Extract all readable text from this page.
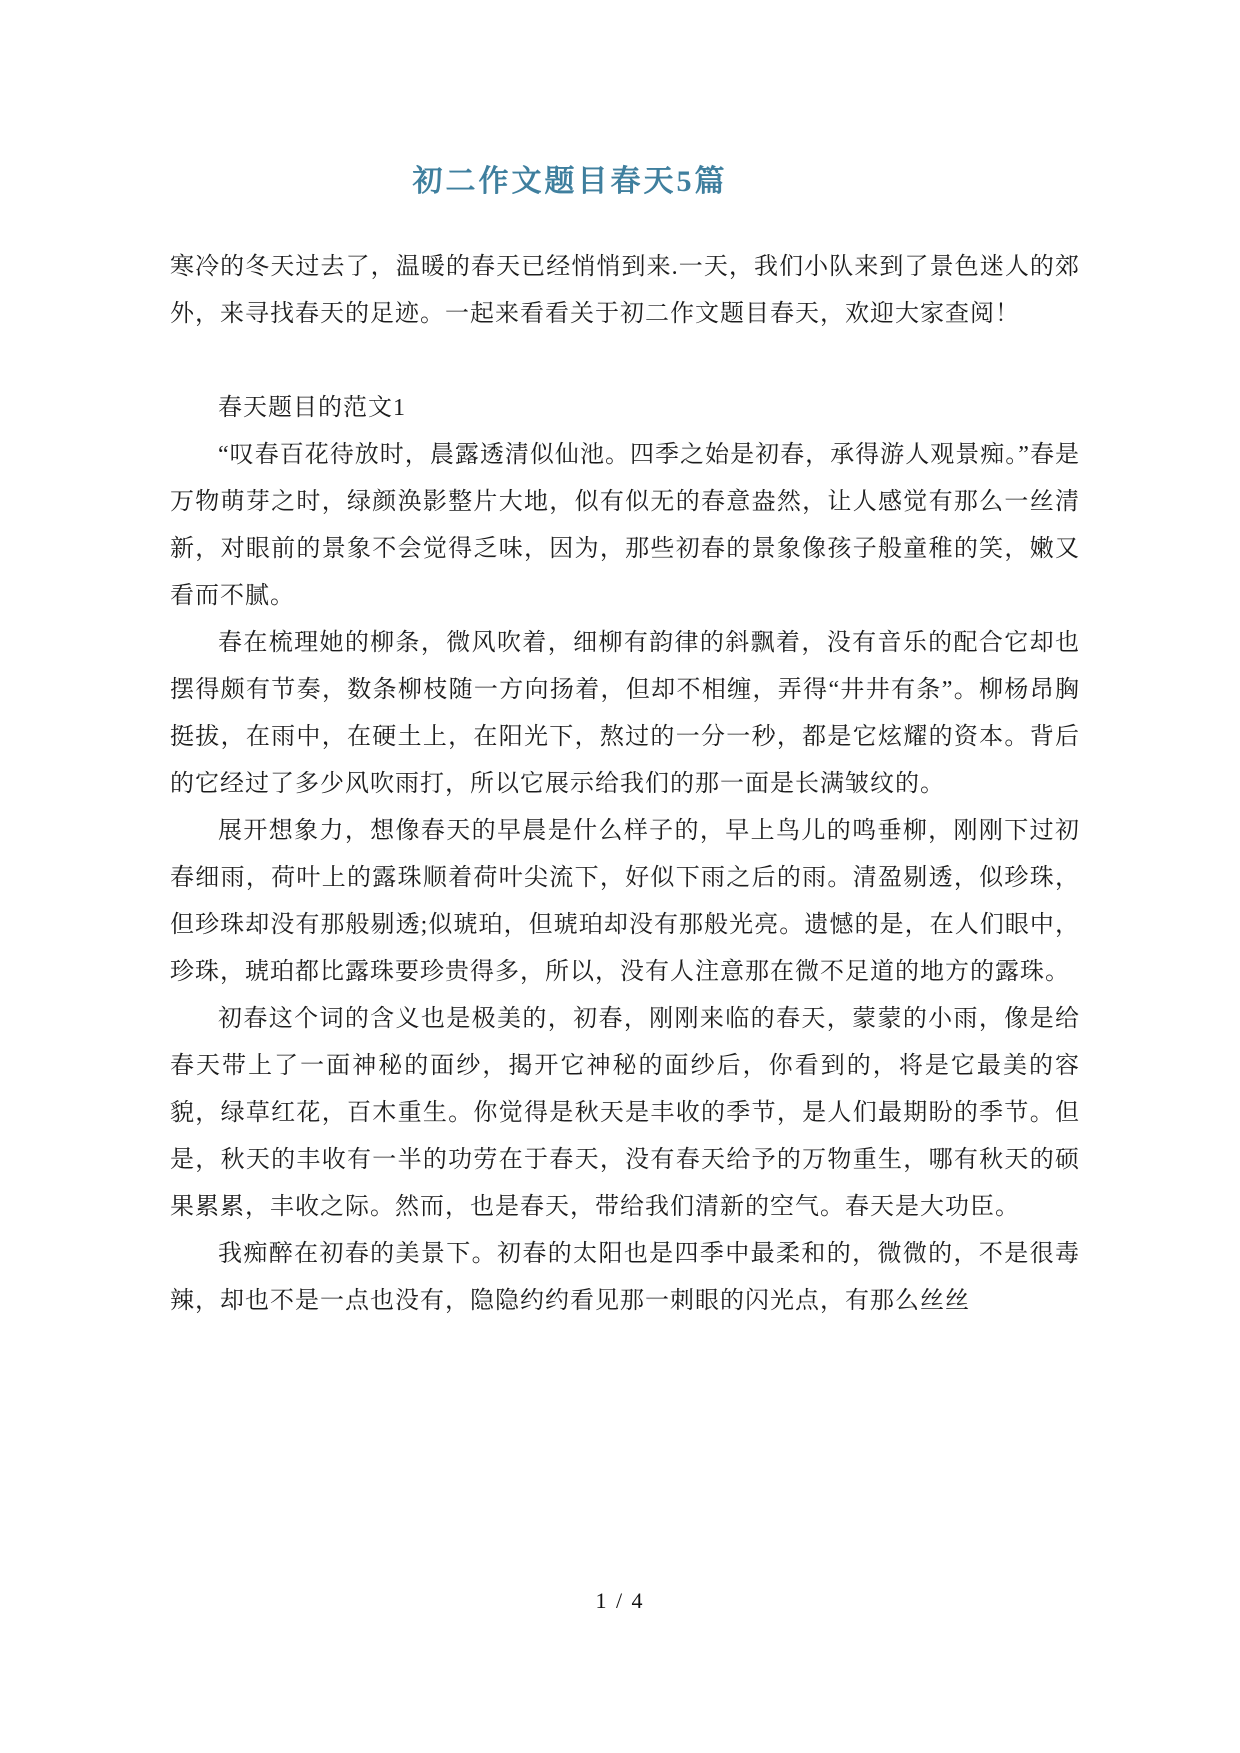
初二作文题目春天5篇

寒冷的冬天过去了，温暖的春天已经悄悄到来.一天，我们小队来到了景色迷人的郊外，来寻找春天的足迹。一起来看看关于初二作文题目春天，欢迎大家查阅！

春天题目的范文1

“叹春百花待放时，晨露透清似仙池。四季之始是初春，承得游人观景痴。”春是万物萌芽之时，绿颜涣影整片大地，似有似无的春意盎然，让人感觉有那么一丝清新，对眼前的景象不会觉得乏味，因为，那些初春的景象像孩子般童稚的笑，嫩又看而不腻。

春在梳理她的柳条，微风吹着，细柳有韵律的斜飘着，没有音乐的配合它却也摆得颇有节奏，数条柳枝随一方向扬着，但却不相缠，弄得“井井有条”。柳杨昂胸挺拔，在雨中，在硬土上，在阳光下，熬过的一分一秒，都是它炫耀的资本。背后的它经过了多少风吹雨打，所以它展示给我们的那一面是长满皱纹的。

展开想象力，想像春天的早晨是什么样子的，早上鸟儿的鸣垂柳，刚刚下过初春细雨，荷叶上的露珠顺着荷叶尖流下，好似下雨之后的雨。清盈剔透，似珍珠，但珍珠却没有那般剔透;似琥珀，但琥珀却没有那般光亮。遗憾的是，在人们眼中，珍珠，琥珀都比露珠要珍贵得多，所以，没有人注意那在微不足道的地方的露珠。

初春这个词的含义也是极美的，初春，刚刚来临的春天，蒙蒙的小雨，像是给春天带上了一面神秘的面纱，揭开它神秘的面纱后，你看到的，将是它最美的容貌，绿草红花，百木重生。你觉得是秋天是丰收的季节，是人们最期盼的季节。但是，秋天的丰收有一半的功劳在于春天，没有春天给予的万物重生，哪有秋天的硕果累累，丰收之际。然而，也是春天，带给我们清新的空气。春天是大功臣。

我痴醉在初春的美景下。初春的太阳也是四季中最柔和的，微微的，不是很毒辣，却也不是一点也没有，隐隐约约看见那一刺眼的闪光点，有那么丝丝

1 / 4
